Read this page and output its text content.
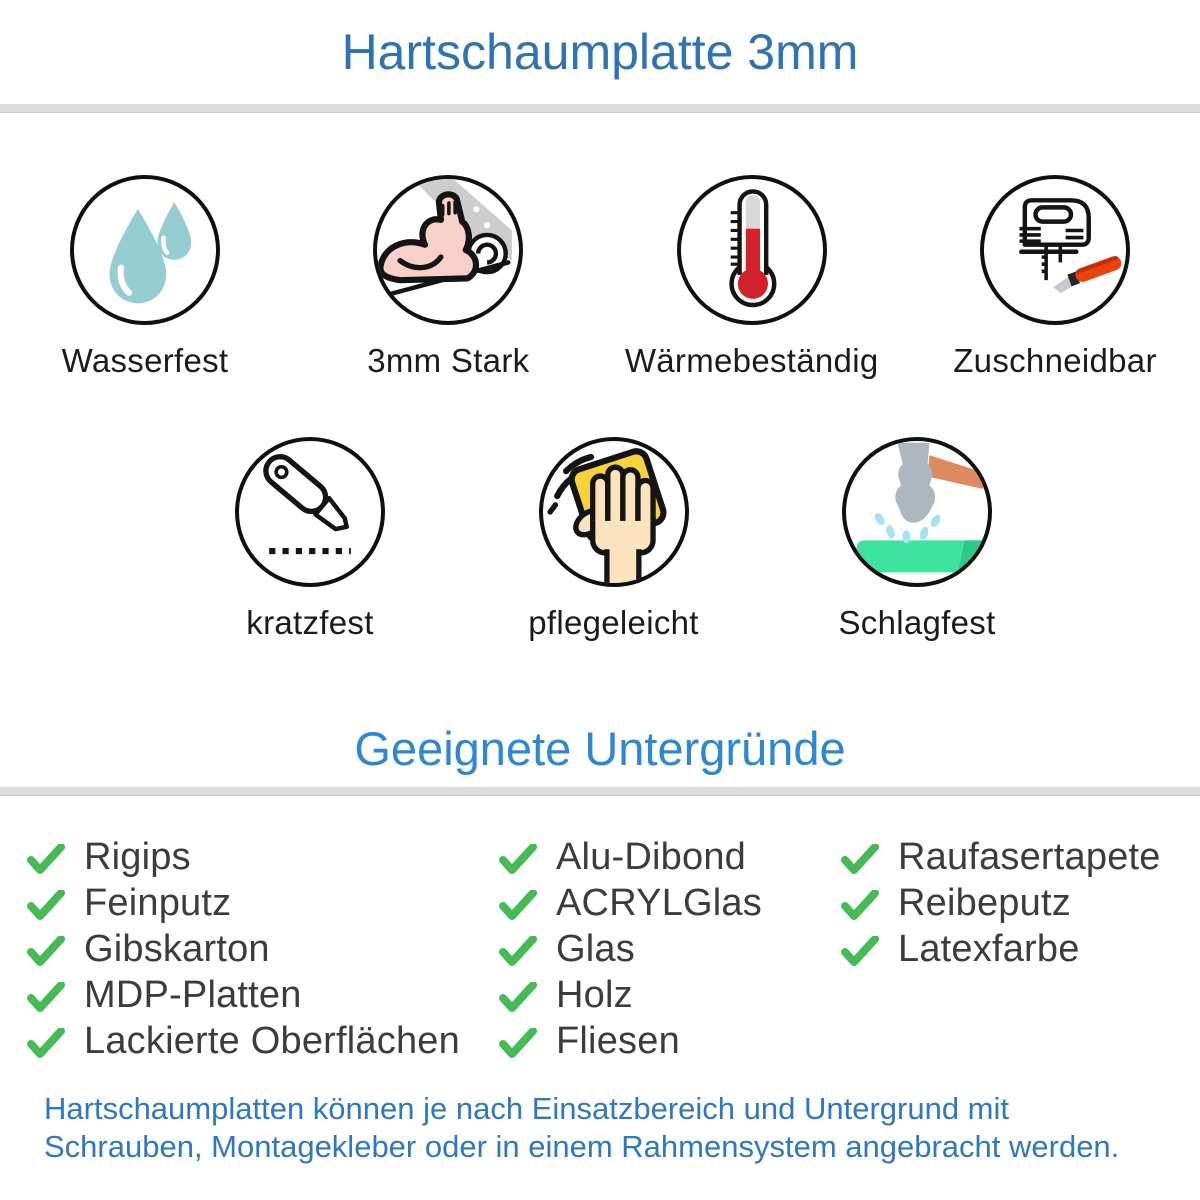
Hartschaumplatte 3mm
Wasserfest	3mm Stark	Wärmebeständig Zuschneidbar
kratzfest	pflegeleicht	Schlagfest
Geeignete Untergründe
Rigips
Feinputz
Gibskarton
MDP-Platten
Lackierte Oberflächen
Alu-Dibond
ACRYLGlas
Glas
Holz
Fliesen
Raufasertapete
Reibeputz
Latexfarbe

Hartschaumplatten können je nach Einsatzbereich und Untergrund mit
Schrauben, Montagekleber oder in einem Rahmensystem angebracht werden.
